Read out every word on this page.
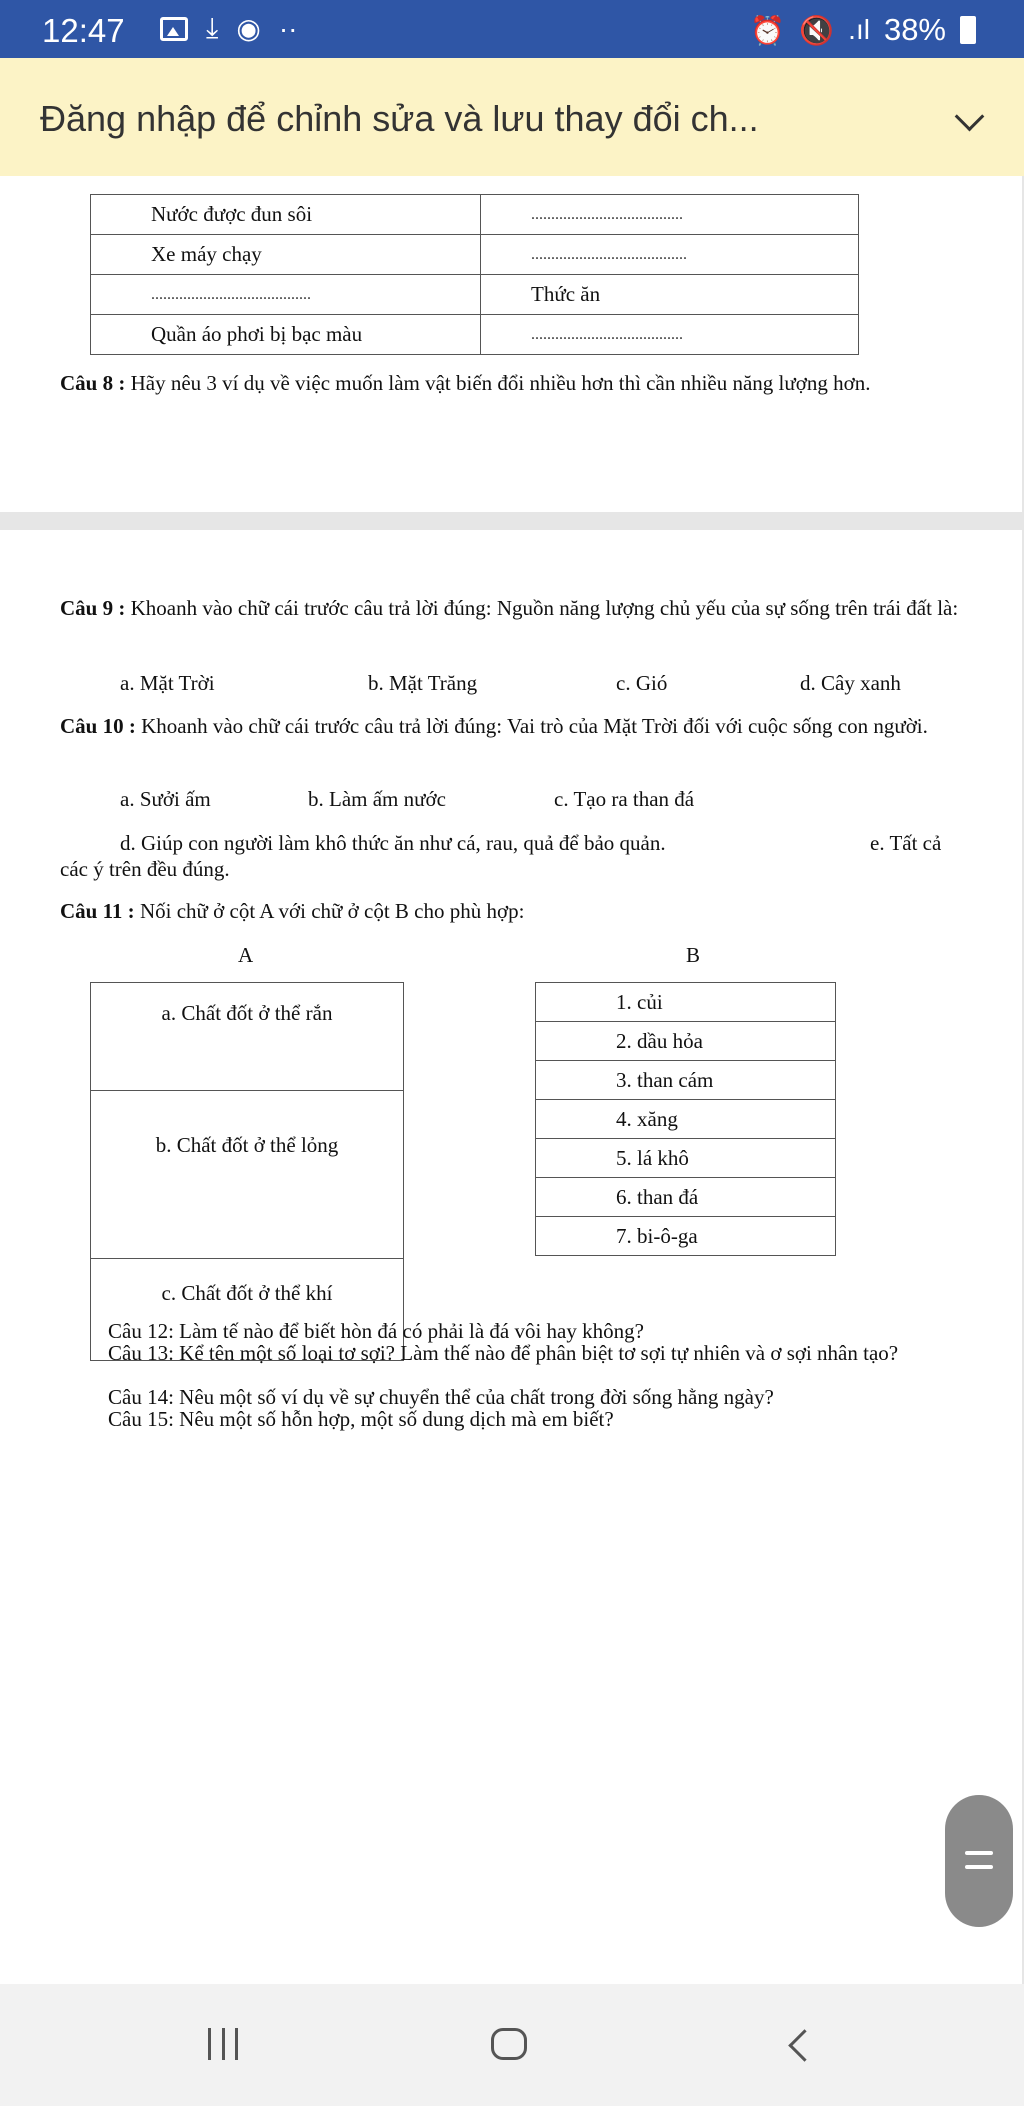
12:47	⤓ ◉ ··	⏰ 🔇 .ıl 38%
Đăng nhập để chỉnh sửa và lưu thay đổi ch...
Nước được đun sôi	......................................
Xe máy chạy	.......................................
........................................	Thức ăn
Quần áo phơi bị bạc màu	......................................
Câu 8 : Hãy nêu 3 ví dụ về việc muốn làm vật biến đổi nhiều hơn thì cần nhiều năng lượng hơn.
Câu 9 : Khoanh vào chữ cái trước câu trả lời đúng: Nguồn năng lượng chủ yếu của sự sống trên trái đất là:
a. Mặt Trời	b. Mặt Trăng	c. Gió	d. Cây xanh
Câu 10 : Khoanh vào chữ cái trước câu trả lời đúng: Vai trò của Mặt Trời đối với cuộc sống con người.
a. Sưởi ấm	b. Làm ấm nước	c. Tạo ra than đá
d. Giúp con người làm khô thức ăn như cá, rau, quả để bảo quản.	e. Tất cả các ý trên đều đúng.
Câu 11 : Nối chữ ở cột A với chữ ở cột B cho phù hợp:
A	B
a. Chất đốt ở thể rắn
b. Chất đốt ở thể lỏng
c. Chất đốt ở thể khí
1. củi
2. dầu hỏa
3. than cám
4. xăng
5. lá khô
6. than đá
7. bi-ô-ga
Câu 12: Làm tế nào để biết hòn đá có phải là đá vôi hay không?
Câu 13: Kể tên một số loại tơ sợi? Làm thế nào để phân biệt tơ sợi tự nhiên và ơ sợi nhân tạo?
Câu 14: Nêu một số ví dụ về sự chuyển thể của chất trong đời sống hằng ngày?
Câu 15: Nêu một số hỗn hợp, một số dung dịch mà em biết?
